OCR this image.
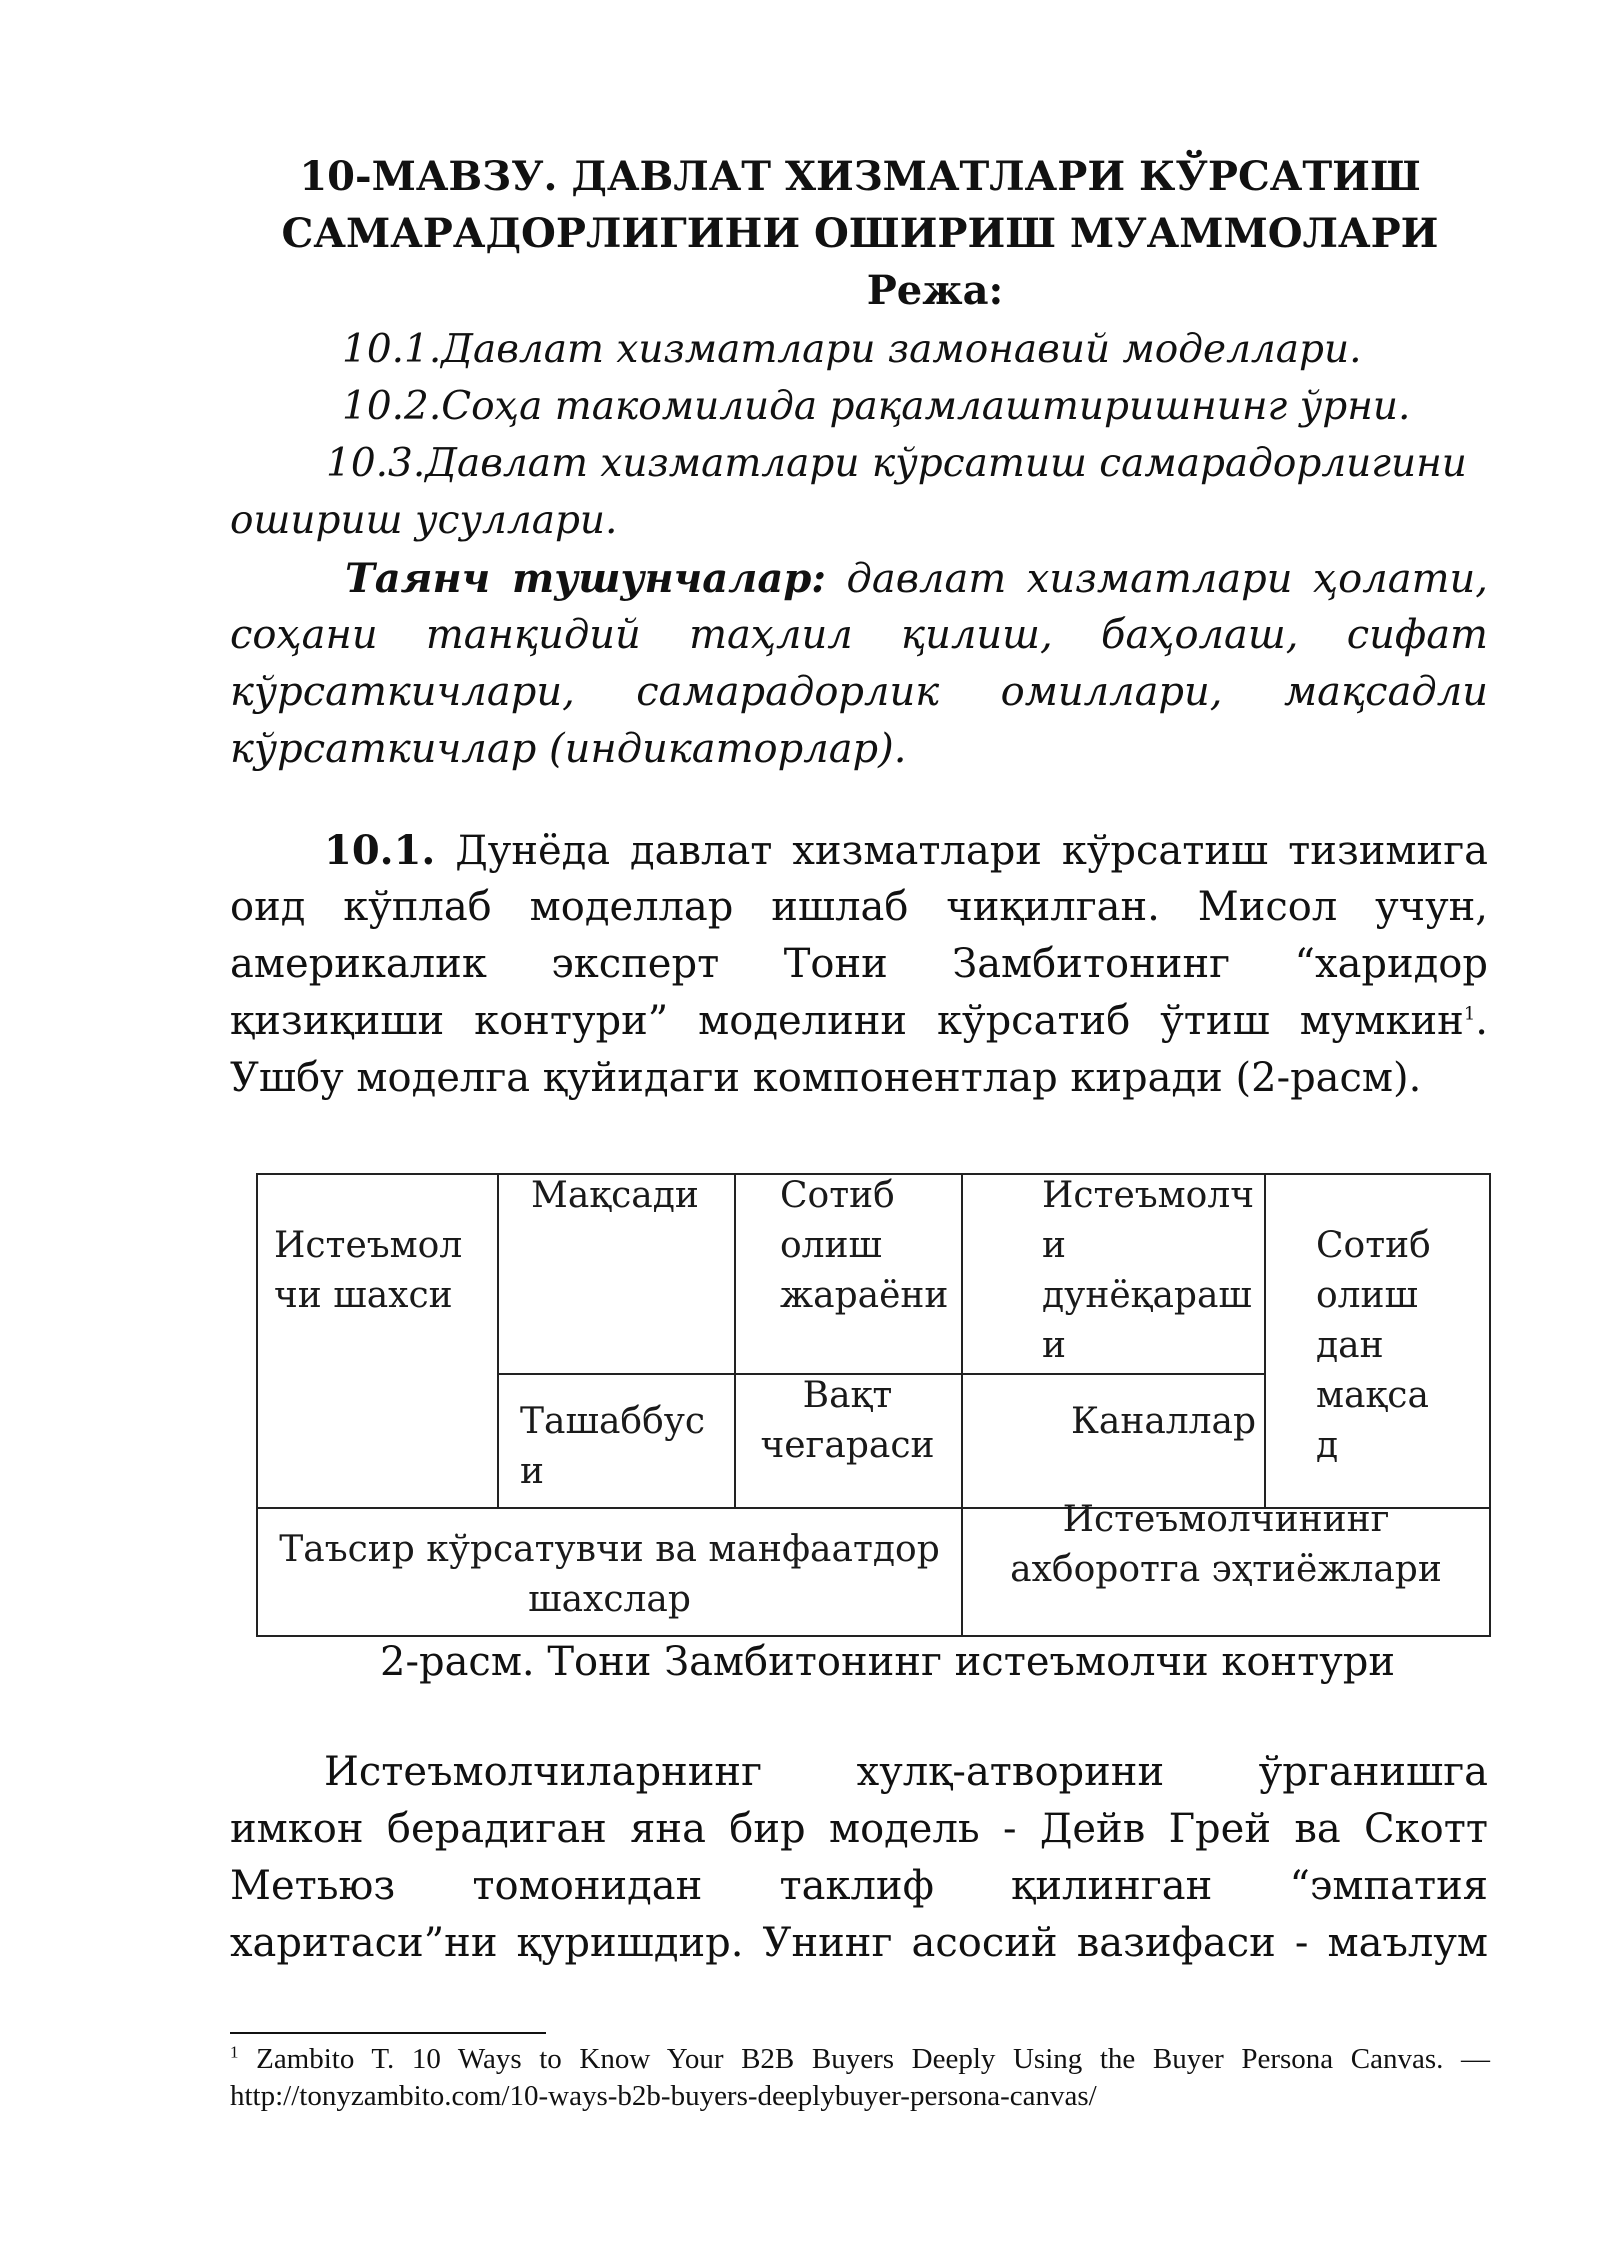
10-МАВЗУ. ДАВЛАТ ХИЗМАТЛАРИ КЎРСАТИШ
САМАРАДОРЛИГИНИ ОШИРИШ МУАММОЛАРИ
Режа:
10.1.Давлат хизматлари замонавий моделлари.
10.2.Соҳа такомилида рақамлаштиришнинг ўрни.
10.3.Давлат хизматлари кўрсатиш самарадорлигини
ошириш усуллари.
Таянч тушунчалар: давлат хизматлари ҳолати,
соҳани танқидий таҳлил қилиш, баҳолаш, сифат
кўрсаткичлари, самарадорлик омиллари, мақсадли
кўрсаткичлар (индикаторлар).
10.1. Дунёда давлат хизматлари кўрсатиш тизимига
оид кўплаб моделлар ишлаб чиқилган. Мисол учун,
америкалик эксперт Тони Замбитонинг “харидор
қизиқиши контури” моделини кўрсатиб ўтиш мумкин$^1$.
Ушбу моделга қуйидаги компонентлар киради (2-расм).
Истеъмол
чи шахси
Мақсади Сотиб
олиш
жараёни
Истеъмолч
и
дунёқараш
и
Сотиб
олиш
дан
мақса
д
Ташаббус
и
Вақт
чегараси
Каналлар
Таъсир кўрсатувчи ва манфаатдор
шахслар
Истеъмолчининг
ахборотга эҳтиёжлари
2-расм. Тони Замбитонинг истеъмолчи контури
Истеъмолчиларнинг хулқ-атворини ўрганишга
имкон берадиган яна бир модель - Дейв Грей ва Скотт
Метьюз томонидан таклиф қилинган “эмпатия
харитаси”ни қуришдир. Унинг асосий вазифаси - маълум
$^1$ Zambito T. 10 Ways to Know Your B2B Buyers Deeply Using the Buyer Persona Canvas. —
http://tonyzambito.com/10-ways-b2b-buyers-deeplybuyer-persona-canvas/
